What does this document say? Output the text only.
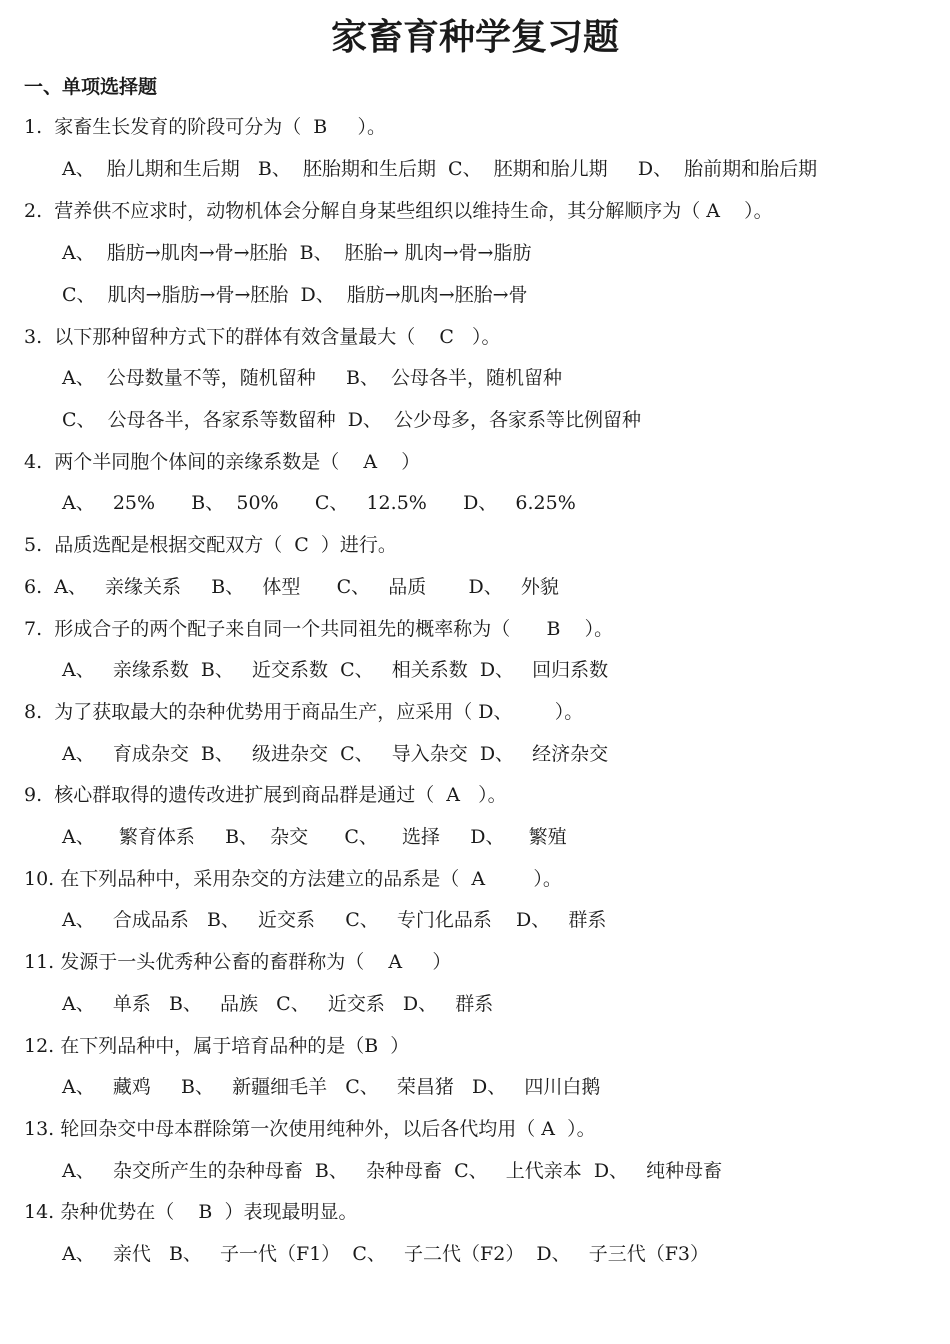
家畜育种学复习题
一、单项选择题
1.  家畜生长发育的阶段可分为（  B     ）。
A、  胎儿期和生后期   B、  胚胎期和生后期  C、  胚期和胎儿期     D、  胎前期和胎后期
2.  营养供不应求时，动物机体会分解自身某些组织以维持生命，其分解顺序为（ A    ）。
A、  脂肪→肌肉→骨→胚胎  B、  胚胎→ 肌肉→骨→脂肪
C、  肌肉→脂肪→骨→胚胎  D、  脂肪→肌肉→胚胎→骨
3.  以下那种留种方式下的群体有效含量最大（    C   ）。
A、  公母数量不等，随机留种     B、  公母各半，随机留种
C、  公母各半，各家系等数留种  D、  公少母多，各家系等比例留种
4.  两个半同胞个体间的亲缘系数是（    A    ）
A、   25%      B、  50%      C、   12.5%      D、   6.25%
5.  品质选配是根据交配双方（  C  ）进行。
6.  A、   亲缘关系     B、   体型      C、   品质       D、   外貌
7.  形成合子的两个配子来自同一个共同祖先的概率称为（      B    ）。
A、   亲缘系数  B、   近交系数  C、   相关系数  D、   回归系数
8.  为了获取最大的杂种优势用于商品生产，应采用（ D、       ）。
A、   育成杂交  B、   级进杂交  C、   导入杂交  D、   经济杂交
9.  核心群取得的遗传改进扩展到商品群是通过（  A   ）。
A、    繁育体系     B、  杂交      C、    选择     D、    繁殖
10. 在下列品种中，采用杂交的方法建立的品系是（  A        ）。
A、   合成品系   B、   近交系     C、   专门化品系    D、   群系
11. 发源于一头优秀种公畜的畜群称为（    A     ）
A、   单系   B、   品族   C、   近交系   D、   群系
12. 在下列品种中，属于培育品种的是（B  ）
A、   藏鸡     B、   新疆细毛羊   C、   荣昌猪   D、   四川白鹅
13. 轮回杂交中母本群除第一次使用纯种外，以后各代均用（ A  ）。
A、   杂交所产生的杂种母畜  B、   杂种母畜  C、   上代亲本  D、   纯种母畜
14. 杂种优势在（    B  ）表现最明显。
A、   亲代   B、   子一代（F1）  C、   子二代（F2）  D、   子三代（F3）
